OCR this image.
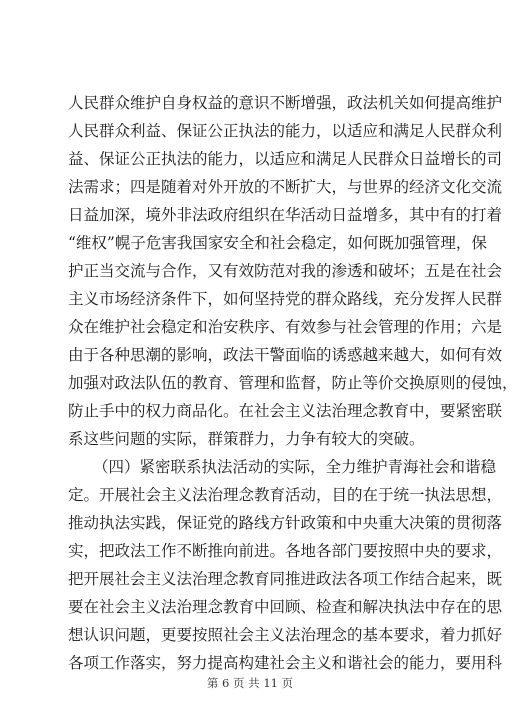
人民群众维护自身权益的意识不断增强，政法机关如何提高维护
人民群众利益、保证公正执法的能力，以适应和满足人民群众利
益、保证公正执法的能力，以适应和满足人民群众日益增长的司
法需求；四是随着对外开放的不断扩大，与世界的经济文化交流
日益加深，境外非法政府组织在华活动日益增多，其中有的打着
“维权”幌子危害我国家安全和社会稳定，如何既加强管理，保
护正当交流与合作，又有效防范对我的渗透和破坏；五是在社会
主义市场经济条件下，如何坚持党的群众路线，充分发挥人民群
众在维护社会稳定和治安秩序、有效参与社会管理的作用；六是
由于各种思潮的影响，政法干警面临的诱惑越来越大，如何有效
加强对政法队伍的教育、管理和监督，防止等价交换原则的侵蚀，
防止手中的权力商品化。在社会主义法治理念教育中，要紧密联
系这些问题的实际，群策群力，力争有较大的突破。
（四）紧密联系执法活动的实际，全力维护青海社会和谐稳
定。开展社会主义法治理念教育活动，目的在于统一执法思想，
推动执法实践，保证党的路线方针政策和中央重大决策的贯彻落
实，把政法工作不断推向前进。各地各部门要按照中央的要求，
把开展社会主义法治理念教育同推进政法各项工作结合起来，既
要在社会主义法治理念教育中回顾、检查和解决执法中存在的思
想认识问题，更要按照社会主义法治理念的基本要求，着力抓好
各项工作落实，努力提高构建社会主义和谐社会的能力，要用科
第 6 页 共 11 页
